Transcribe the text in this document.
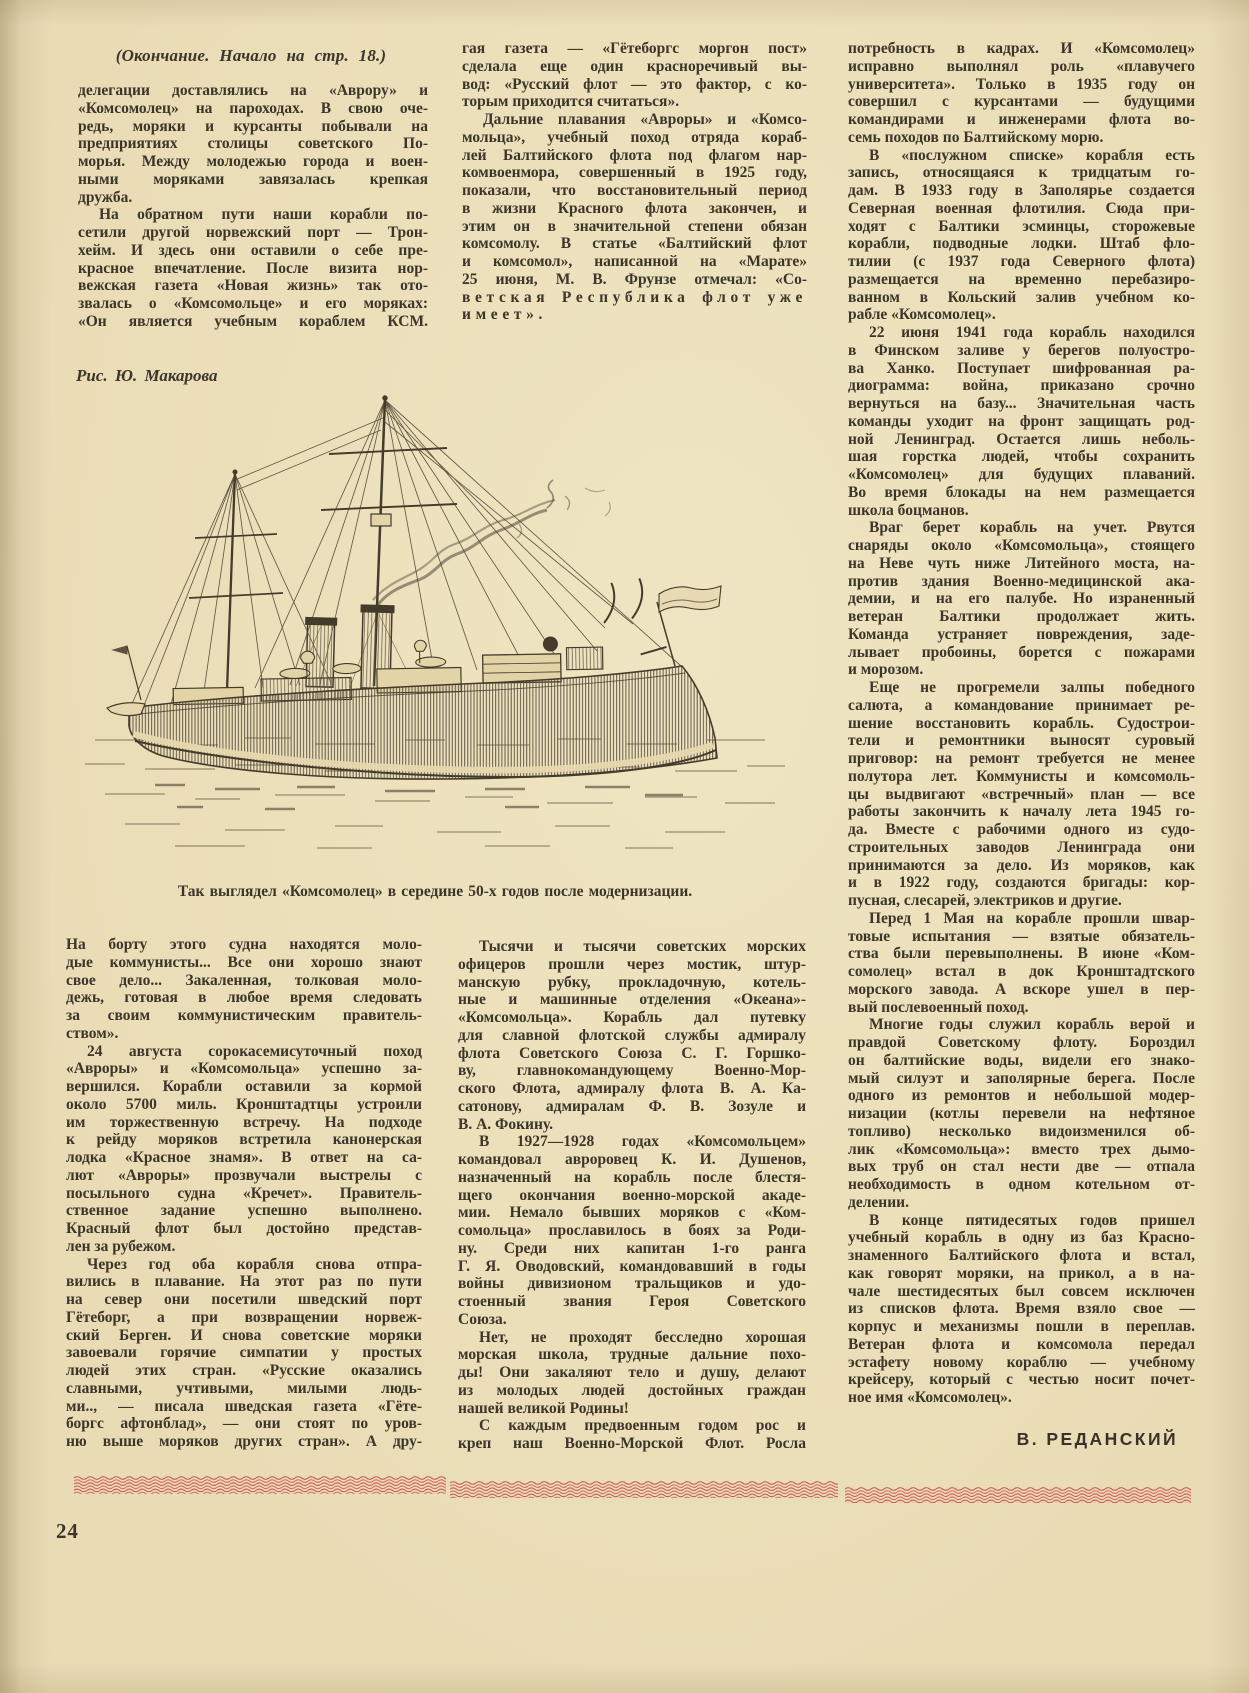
(Окончание. Начало на стр. 18.)
делегации доставлялись на «Аврору» и
«Комсомолец» на пароходах. В свою оче-
редь, моряки и курсанты побывали на
предприятиях столицы советского По-
морья. Между молодежью города и воен-
ными моряками завязалась крепкая
дружба.
На обратном пути наши корабли по-
сетили другой норвежский порт — Трон-
хейм. И здесь они оставили о себе пре-
красное впечатление. После визита нор-
вежская газета «Новая жизнь» так ото-
звалась о «Комсомольце» и его моряках:
«Он является учебным кораблем КСМ.
гая газета — «Гётеборгс моргон пост»
сделала еще один красноречивый вы-
вод: «Русский флот — это фактор, с ко-
торым приходится считаться».
Дальние плавания «Авроры» и «Комсо-
мольца», учебный поход отряда кораб-
лей Балтийского флота под флагом нар-
комвоенмора, совершенный в 1925 году,
показали, что восстановительный период
в жизни Красного флота закончен, и
этим он в значительной степени обязан
комсомолу. В статье «Балтийский флот
и комсомол», написанной на «Марате»
25 июня, М. В. Фрунзе отмечал: «Со-
ветская Республика флот уже
имеет».
потребность в кадрах. И «Комсомолец»
исправно выполнял роль «плавучего
университета». Только в 1935 году он
совершил с курсантами — будущими
командирами и инженерами флота во-
семь походов по Балтийскому морю.
В «послужном списке» корабля есть
запись, относящаяся к тридцатым го-
дам. В 1933 году в Заполярье создается
Северная военная флотилия. Сюда при-
ходят с Балтики эсминцы, сторожевые
корабли, подводные лодки. Штаб фло-
тилии (с 1937 года Северного флота)
размещается на временно перебазиро-
ванном в Кольский залив учебном ко-
рабле «Комсомолец».
22 июня 1941 года корабль находился
в Финском заливе у берегов полуостро-
ва Ханко. Поступает шифрованная ра-
диограмма: война, приказано срочно
вернуться на базу... Значительная часть
команды уходит на фронт защищать род-
ной Ленинград. Остается лишь неболь-
шая горстка людей, чтобы сохранить
«Комсомолец» для будущих плаваний.
Во время блокады на нем размещается
школа боцманов.
Враг берет корабль на учет. Рвутся
снаряды около «Комсомольца», стоящего
на Неве чуть ниже Литейного моста, на-
против здания Военно-медицинской ака-
демии, и на его палубе. Но израненный
ветеран Балтики продолжает жить.
Команда устраняет повреждения, заде-
лывает пробоины, борется с пожарами
и морозом.
Еще не прогремели залпы победного
салюта, а командование принимает ре-
шение восстановить корабль. Судострои-
тели и ремонтники выносят суровый
приговор: на ремонт требуется не менее
полутора лет. Коммунисты и комсомоль-
цы выдвигают «встречный» план — все
работы закончить к началу лета 1945 го-
да. Вместе с рабочими одного из судо-
строительных заводов Ленинграда они
принимаются за дело. Из моряков, как
и в 1922 году, создаются бригады: кор-
пусная, слесарей, электриков и другие.
Перед 1 Мая на корабле прошли швар-
товые испытания — взятые обязатель-
ства были перевыполнены. В июне «Ком-
сомолец» встал в док Кронштадтского
морского завода. А вскоре ушел в пер-
вый послевоенный поход.
Многие годы служил корабль верой и
правдой Советскому флоту. Бороздил
он балтийские воды, видели его знако-
мый силуэт и заполярные берега. После
одного из ремонтов и небольшой модер-
низации (котлы перевели на нефтяное
топливо) несколько видоизменился об-
лик «Комсомольца»: вместо трех дымо-
вых труб он стал нести две — отпала
необходимость в одном котельном от-
делении.
В конце пятидесятых годов пришел
учебный корабль в одну из баз Красно-
знаменного Балтийского флота и встал,
как говорят моряки, на прикол, а в на-
чале шестидесятых был совсем исключен
из списков флота. Время взяло свое —
корпус и механизмы пошли в переплав.
Ветеран флота и комсомола передал
эстафету новому кораблю — учебному
крейсеру, который с честью носит почет-
ное имя «Комсомолец».
Рис. Ю. Макарова
Так выглядел «Комсомолец» в середине 50-х годов после модернизации.
На борту этого судна находятся моло-
дые коммунисты... Все они хорошо знают
свое дело... Закаленная, толковая моло-
дежь, готовая в любое время следовать
за своим коммунистическим правитель-
ством».
24 августа сорокасемисуточный поход
«Авроры» и «Комсомольца» успешно за-
вершился. Корабли оставили за кормой
около 5700 миль. Кронштадтцы устроили
им торжественную встречу. На подходе
к рейду моряков встретила канонерская
лодка «Красное знамя». В ответ на са-
лют «Авроры» прозвучали выстрелы с
посыльного судна «Кречет». Правитель-
ственное задание успешно выполнено.
Красный флот был достойно представ-
лен за рубежом.
Через год оба корабля снова отпра-
вились в плавание. На этот раз по пути
на север они посетили шведский порт
Гётеборг, а при возвращении норвеж-
ский Берген. И снова советские моряки
завоевали горячие симпатии у простых
людей этих стран. «Русские оказались
славными, учтивыми, милыми людь-
ми.., — писала шведская газета «Гёте-
боргс афтонблад», — они стоят по уров-
ню выше моряков других стран». А дру-
Тысячи и тысячи советских морских
офицеров прошли через мостик, штур-
манскую рубку, прокладочную, котель-
ные и машинные отделения «Океана»-
«Комсомольца». Корабль дал путевку
для славной флотской службы адмиралу
флота Советского Союза С. Г. Горшко-
ву, главнокомандующему Военно-Мор-
ского Флота, адмиралу флота В. А. Ка-
сатонову, адмиралам Ф. В. Зозуле и
В. А. Фокину.
В 1927—1928 годах «Комсомольцем»
командовал авроровец К. И. Душенов,
назначенный на корабль после блестя-
щего окончания военно-морской акаде-
мии. Немало бывших моряков с «Ком-
сомольца» прославилось в боях за Роди-
ну. Среди них капитан 1-го ранга
Г. Я. Оводовский, командовавший в годы
войны дивизионом тральщиков и удо-
стоенный звания Героя Советского
Союза.
Нет, не проходят бесследно хорошая
морская школа, трудные дальние похо-
ды! Они закаляют тело и душу, делают
из молодых людей достойных граждан
нашей великой Родины!
С каждым предвоенным годом рос и
креп наш Военно-Морской Флот. Росла	В. РЕДАНСКИЙ
24
